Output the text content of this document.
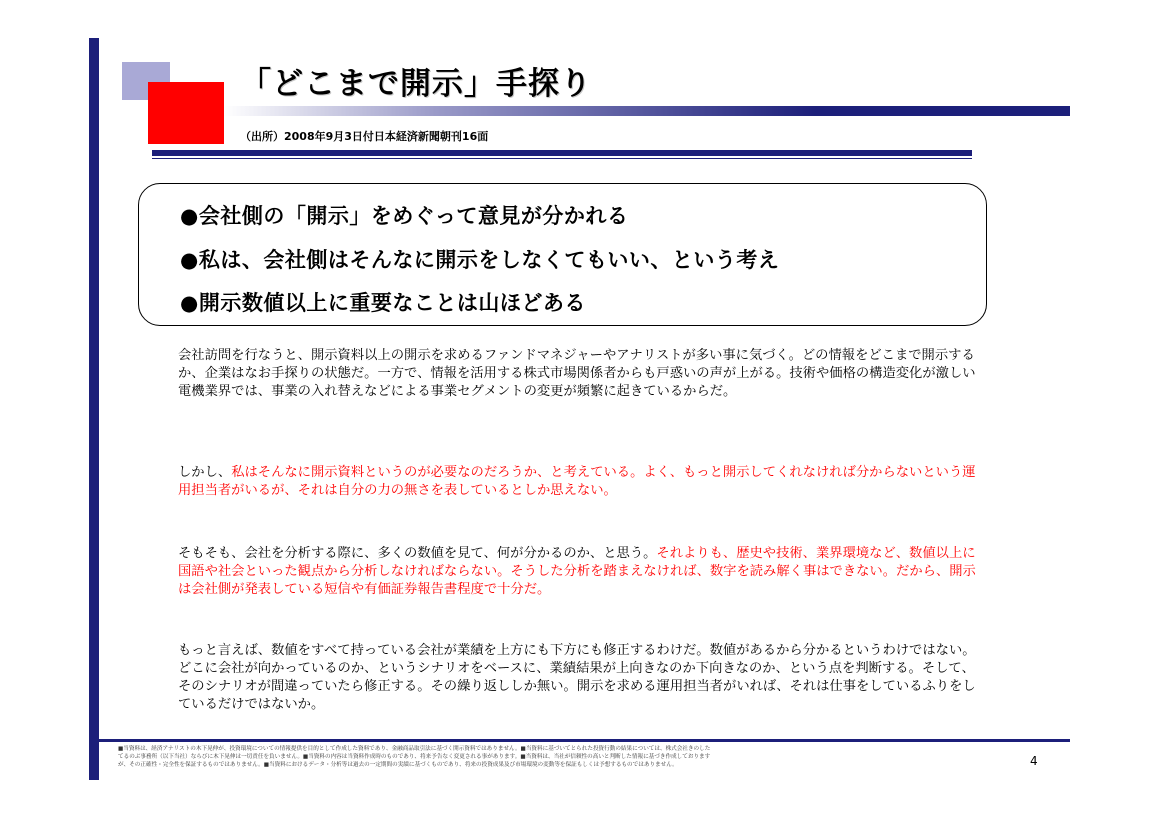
「どこまで開示」手探り
（出所）2008年9月3日付日本経済新聞朝刊16面
●会社側の「開示」をめぐって意見が分かれる
●私は、会社側はそんなに開示をしなくてもいい、という考え
●開示数値以上に重要なことは山ほどある
会社訪問を行なうと、開示資料以上の開示を求めるファンドマネジャーやアナリストが多い事に気づく。どの情報をどこまで開示するか、企業はなお手探りの状態だ。一方で、情報を活用する株式市場関係者からも戸惑いの声が上がる。技術や価格の構造変化が激しい電機業界では、事業の入れ替えなどによる事業セグメントの変更が頻繁に起きているからだ。
しかし、私はそんなに開示資料というのが必要なのだろうか、と考えている。よく、もっと開示してくれなければ分からないという運用担当者がいるが、それは自分の力の無さを表しているとしか思えない。
そもそも、会社を分析する際に、多くの数値を見て、何が分かるのか、と思う。それよりも、歴史や技術、業界環境など、数値以上に国語や社会といった観点から分析しなければならない。そうした分析を踏まえなければ、数字を読み解く事はできない。だから、開示は会社側が発表している短信や有価証券報告書程度で十分だ。
もっと言えば、数値をすべて持っている会社が業績を上方にも下方にも修正するわけだ。数値があるから分かるというわけではない。どこに会社が向かっているのか、というシナリオをベースに、業績結果が上向きなのか下向きなのか、という点を判断する。そして、そのシナリオが間違っていたら修正する。その繰り返ししか無い。開示を求める運用担当者がいれば、それは仕事をしているふりをしているだけではないか。
■当資料は、経済アナリストの木下晃伸が、投資環境についての情報提供を目的として作成した資料であり、金融商品取引法に基づく開示資料ではありません。■当資料に基づいてとられた投資行動の結果については、株式会社きのした
てるのぶ事務所（以下当社）ならびに木下晃伸は一切責任を負いません。■当資料の内容は当資料作成時のものであり、将来予告なく変更される事があります。■当資料は、当社が信頼性の高いと判断した情報に基づき作成しております
が、その正確性・完全性を保証するものではありません。■当資料におけるデータ・分析等は過去の一定期間の実績に基づくものであり、将来の投資成果及び市場環境の変動等を保証もしくは予想するものではありません。	4
